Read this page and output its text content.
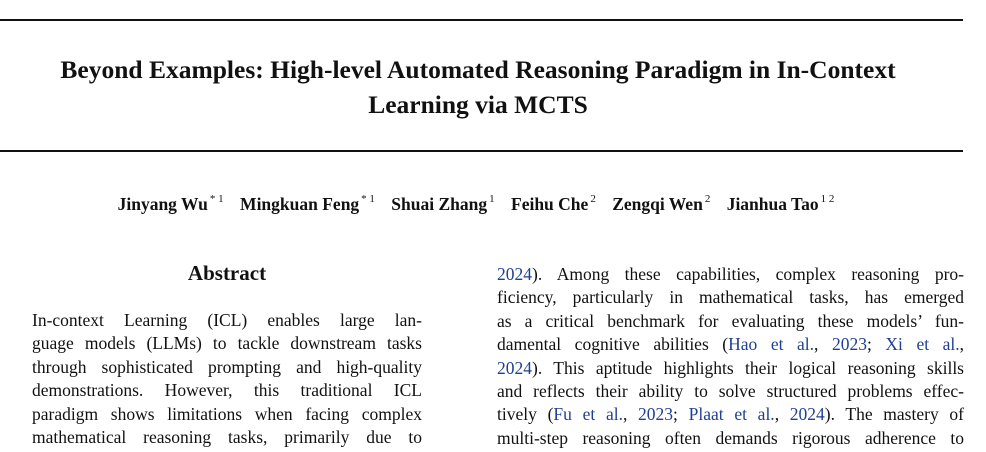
Beyond Examples: High-level Automated Reasoning Paradigm in In-Context
Learning via MCTS
Jinyang Wu $^{* 1}$ Mingkuan Feng $^{* 1}$ Shuai Zhang $^1$ Feihu Che $^2$ Zengqi Wen $^2$ Jianhua Tao $^{1 2}$
Abstract
In-context Learning (ICL) enables large lan-
guage models (LLMs) to tackle downstream tasks
through sophisticated prompting and high-quality
demonstrations. However, this traditional ICL
paradigm shows limitations when facing complex
mathematical reasoning tasks, primarily due to
2024). Among these capabilities, complex reasoning pro-
ficiency, particularly in mathematical tasks, has emerged
as a critical benchmark for evaluating these models’ fun-
damental cognitive abilities (Hao et al., 2023; Xi et al.,
2024). This aptitude highlights their logical reasoning skills
and reflects their ability to solve structured problems effec-
tively (Fu et al., 2023; Plaat et al., 2024). The mastery of
multi-step reasoning often demands rigorous adherence to
